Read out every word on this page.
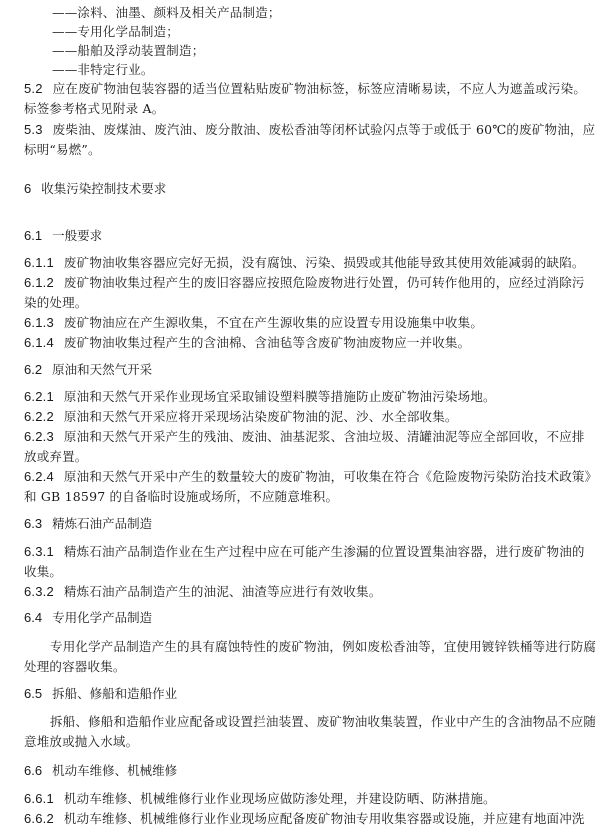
——涂料、油墨、颜料及相关产品制造；
——专用化学品制造；
——船舶及浮动装置制造；
——非特定行业。
5.2 应在废矿物油包装容器的适当位置粘贴废矿物油标签，标签应清晰易读，不应人为遮盖或污染。
标签参考格式见附录 A。
5.3 废柴油、废煤油、废汽油、废分散油、废松香油等闭杯试验闪点等于或低于 60℃的废矿物油，应
标明“易燃”。
6 收集污染控制技术要求
6.1 一般要求
6.1.1 废矿物油收集容器应完好无损，没有腐蚀、污染、损毁或其他能导致其使用效能减弱的缺陷。
6.1.2 废矿物油收集过程产生的废旧容器应按照危险废物进行处置，仍可转作他用的，应经过消除污
染的处理。
6.1.3 废矿物油应在产生源收集，不宜在产生源收集的应设置专用设施集中收集。
6.1.4 废矿物油收集过程产生的含油棉、含油毡等含废矿物油废物应一并收集。
6.2 原油和天然气开采
6.2.1 原油和天然气开采作业现场宜采取铺设塑料膜等措施防止废矿物油污染场地。
6.2.2 原油和天然气开采应将开采现场沾染废矿物油的泥、沙、水全部收集。
6.2.3 原油和天然气开采产生的残油、废油、油基泥浆、含油垃圾、清罐油泥等应全部回收，不应排
放或弃置。
6.2.4 原油和天然气开采中产生的数量较大的废矿物油，可收集在符合《危险废物污染防治技术政策》
和 GB 18597 的自备临时设施或场所，不应随意堆积。
6.3 精炼石油产品制造
6.3.1 精炼石油产品制造作业在生产过程中应在可能产生渗漏的位置设置集油容器，进行废矿物油的
收集。
6.3.2 精炼石油产品制造产生的油泥、油渣等应进行有效收集。
6.4 专用化学产品制造
专用化学产品制造产生的具有腐蚀特性的废矿物油，例如废松香油等，宜使用镀锌铁桶等进行防腐
处理的容器收集。
6.5 拆船、修船和造船作业
拆船、修船和造船作业应配备或设置拦油装置、废矿物油收集装置，作业中产生的含油物品不应随
意堆放或抛入水域。
6.6 机动车维修、机械维修
6.6.1 机动车维修、机械维修行业作业现场应做防渗处理，并建设防晒、防淋措施。
6.6.2 机动车维修、机械维修行业作业现场应配备废矿物油专用收集容器或设施，并应建有地面冲洗
